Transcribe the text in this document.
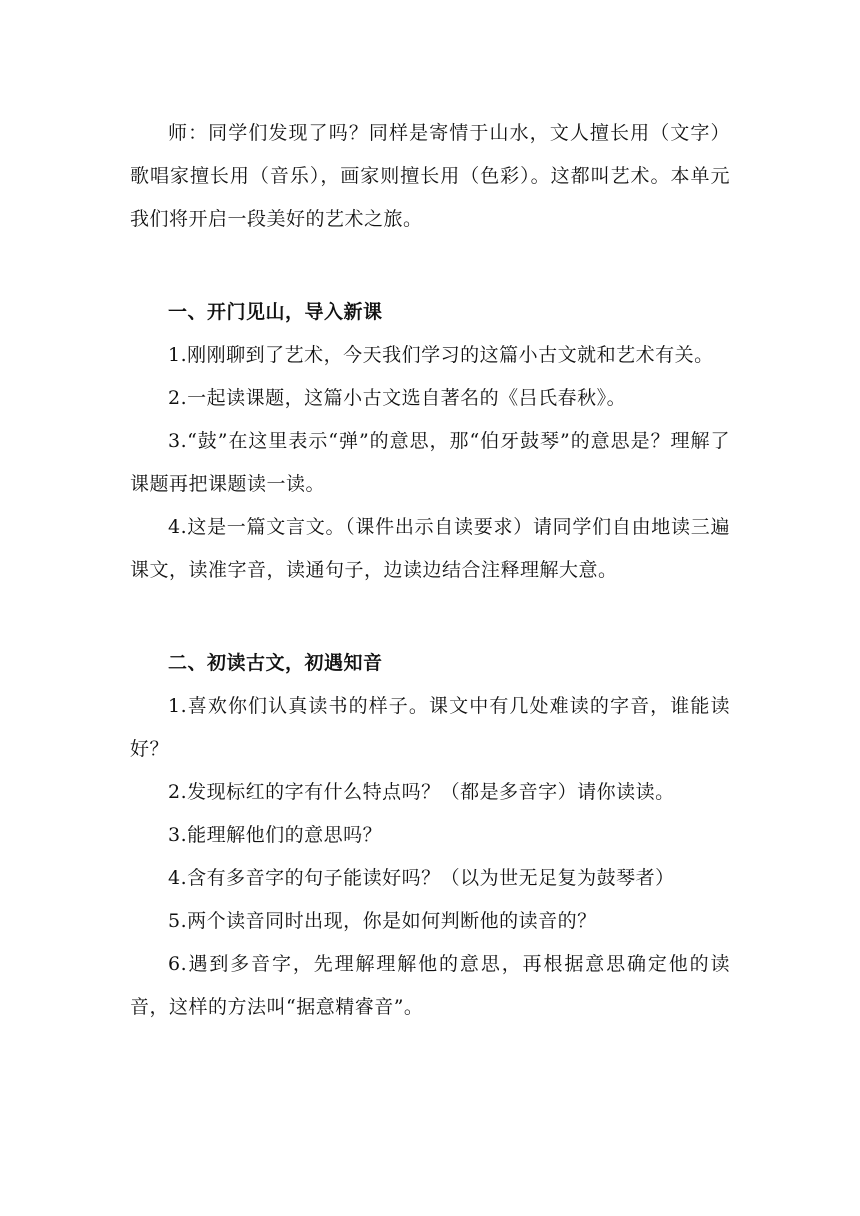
师：同学们发现了吗？同样是寄情于山水，文人擅长用（文字）歌唱家擅长用（音乐），画家则擅长用（色彩）。这都叫艺术。本单元我们将开启一段美好的艺术之旅。

一、开门见山，导入新课

1.刚刚聊到了艺术，今天我们学习的这篇小古文就和艺术有关。

2.一起读课题，这篇小古文选自著名的《吕氏春秋》。

3.“鼓”在这里表示“弹”的意思，那“伯牙鼓琴”的意思是？理解了课题再把课题读一读。

4.这是一篇文言文。（课件出示自读要求）请同学们自由地读三遍课文，读准字音，读通句子，边读边结合注释理解大意。

二、初读古文，初遇知音

1.喜欢你们认真读书的样子。课文中有几处难读的字音，谁能读好？

2.发现标红的字有什么特点吗？（都是多音字）请你读读。

3.能理解他们的意思吗？

4.含有多音字的句子能读好吗？（以为世无足复为鼓琴者）

5.两个读音同时出现，你是如何判断他的读音的？

6.遇到多音字，先理解理解他的意思，再根据意思确定他的读音，这样的方法叫“据意精睿音”。
